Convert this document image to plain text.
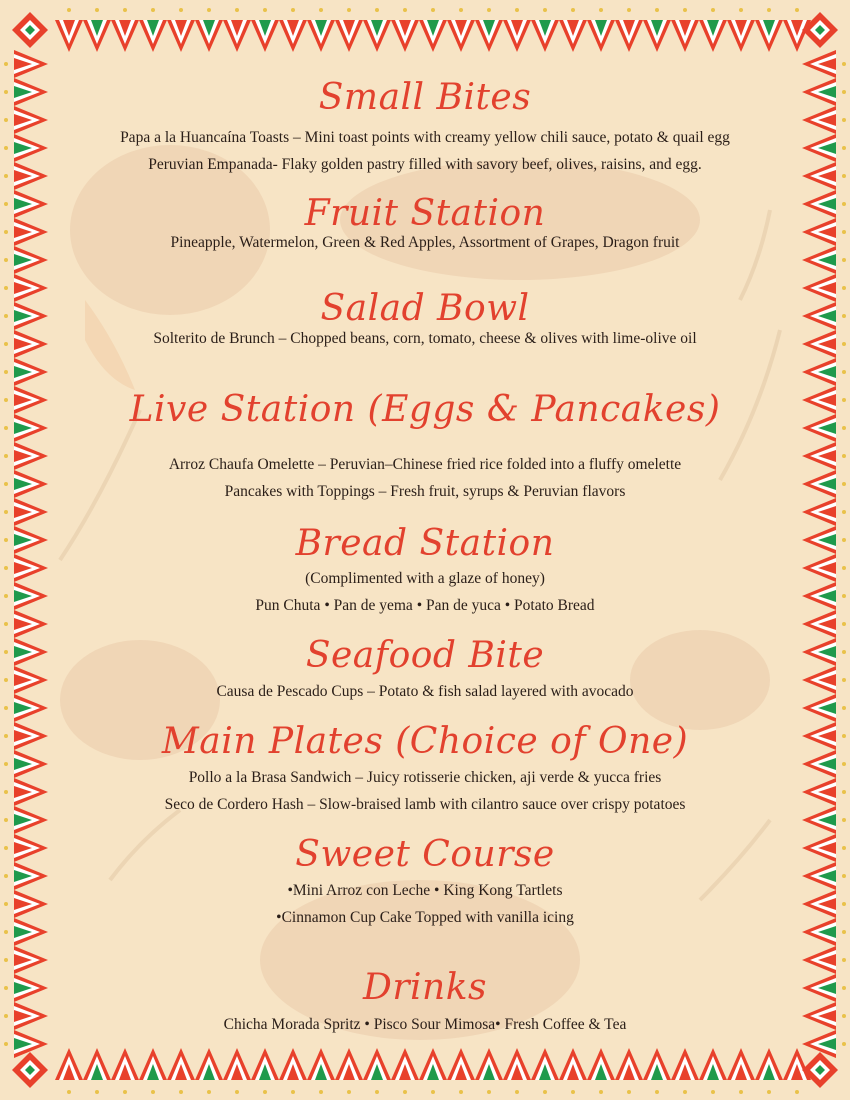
Small Bites
Papa a la Huancaína Toasts – Mini toast points with creamy yellow chili sauce, potato & quail egg
Peruvian Empanada- Flaky golden pastry filled with savory beef, olives, raisins, and egg.
Fruit Station
Pineapple, Watermelon, Green & Red Apples, Assortment of Grapes, Dragon fruit
Salad Bowl
Solterito de Brunch – Chopped beans, corn, tomato, cheese & olives with lime-olive oil
Live Station (Eggs & Pancakes)
Arroz Chaufa Omelette – Peruvian–Chinese fried rice folded into a fluffy omelette
Pancakes with Toppings – Fresh fruit, syrups & Peruvian flavors
Bread Station
(Complimented with a glaze of honey)
Pun Chuta • Pan de yema • Pan de yuca • Potato Bread
Seafood Bite
Causa de Pescado Cups – Potato & fish salad layered with avocado
Main Plates (Choice of One)
Pollo a la Brasa Sandwich – Juicy rotisserie chicken, aji verde & yucca fries
Seco de Cordero Hash – Slow-braised lamb with cilantro sauce over crispy potatoes
Sweet Course
•Mini Arroz con Leche • King Kong Tartlets
•Cinnamon Cup Cake Topped with vanilla icing
Drinks
Chicha Morada Spritz • Pisco Sour Mimosa• Fresh Coffee & Tea
